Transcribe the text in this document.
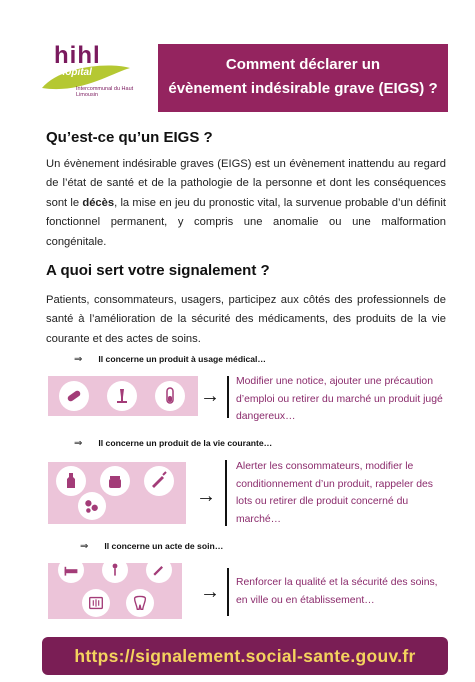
hihl
Hôpital
Intercommunal du Haut Limousin
Comment déclarer un
évènement indésirable grave (EIGS) ?
Qu’est-ce qu’un EIGS ?
Un évènement indésirable graves (EIGS) est un évènement inattendu au regard de l’état de santé et de la pathologie de la personne et dont les conséquences sont le décès, la mise en jeu du pronostic vital, la survenue probable d’un définit fonctionnel permanent, y compris une anomalie ou une malformation congénitale.
A quoi sert votre signalement ?
Patients, consommateurs, usagers, participez aux côtés des professionnels de santé à l’amélioration de la sécurité des médicaments, des produits de la vie courante et des actes de soins.
⇒ Il concerne un produit à usage médical…
→
Modifier une notice, ajouter une précaution d’emploi ou retirer du marché un produit jugé dangereux…
⇒ Il concerne un produit de la vie courante…
→
Alerter les consommateurs, modifier le conditionnement d’un produit, rappeler des lots ou retirer dle produit concerné du marché…
⇒ Il concerne un acte de soin…
→ Renforcer la qualité et la sécurité des soins, en ville ou en établissement…
https://signalement.social-sante.gouv.fr
